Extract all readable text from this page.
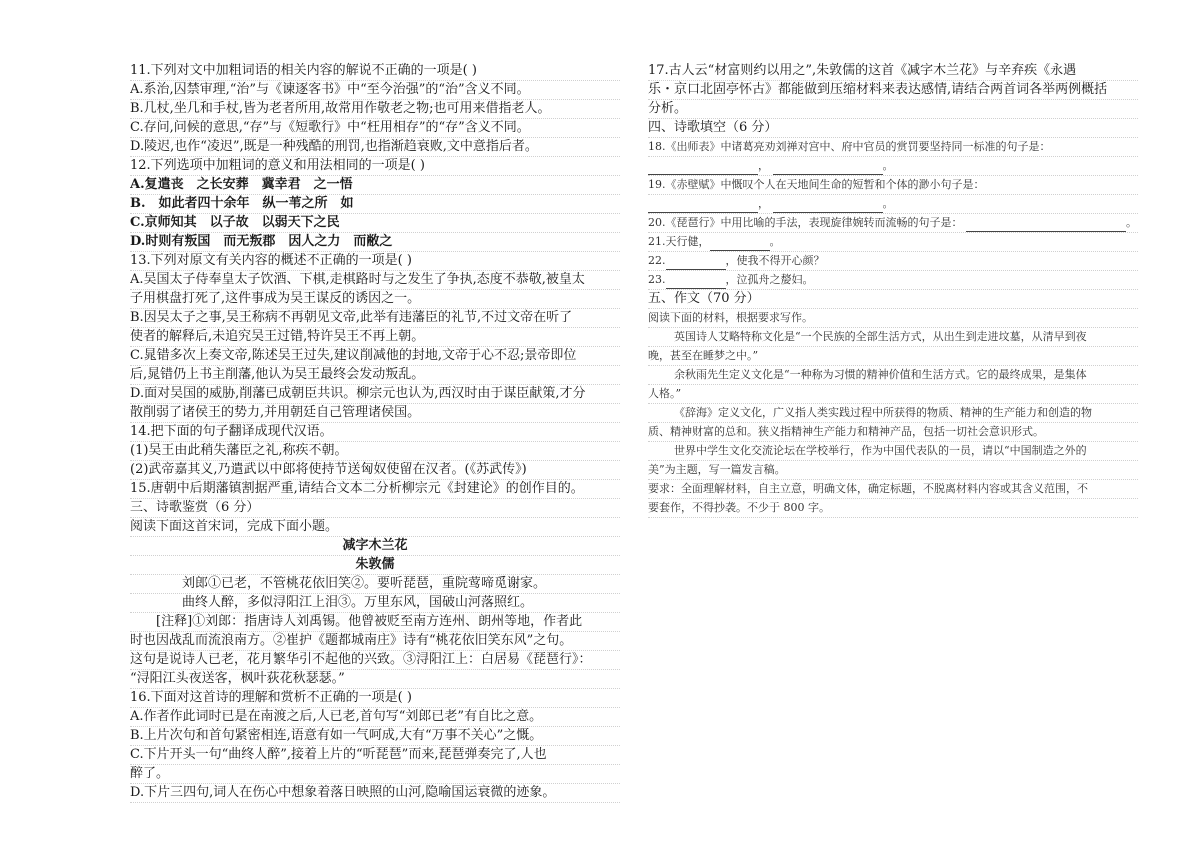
11.下列对文中加粗词语的相关内容的解说不正确的一项是( )
A.系治,囚禁审理,“治”与《谏逐客书》中“至今治强”的“治”含义不同。
B.几杖,坐几和手杖,皆为老者所用,故常用作敬老之物;也可用来借指老人。
C.存问,问候的意思,“存”与《短歌行》中“枉用相存”的“存”含义不同。
D.陵迟,也作“凌迟”,既是一种残酷的刑罚,也指渐趋衰败,文中意指后者。
12.下列选项中加粗词的意义和用法相同的一项是( )
A.复遣丧　之长安葬　冀幸君　之一悟
B.　如此者四十余年　纵一苇之所　如
C.京师知其　以子故　以弱天下之民
D.时则有叛国　而无叛郡　因人之力　而敝之
13.下列对原文有关内容的概述不正确的一项是( )
A.吴国太子侍奉皇太子饮酒、下棋,走棋路时与之发生了争执,态度不恭敬,被皇太
子用棋盘打死了,这件事成为吴王谋反的诱因之一。
B.因吴太子之事,吴王称病不再朝见文帝,此举有违藩臣的礼节,不过文帝在听了
使者的解释后,未追究吴王过错,特许吴王不再上朝。
C.晁错多次上奏文帝,陈述吴王过失,建议削减他的封地,文帝于心不忍;景帝即位
后,晁错仍上书主削藩,他认为吴王最终会发动叛乱。
D.面对吴国的威胁,削藩已成朝臣共识。柳宗元也认为,西汉时由于谋臣献策,才分
散削弱了诸侯王的势力,并用朝廷自己管理诸侯国。
14.把下面的句子翻译成现代汉语。
(1)吴王由此稍失藩臣之礼,称疾不朝。
(2)武帝嘉其义,乃遣武以中郎将使持节送匈奴使留在汉者。(《苏武传》)
15.唐朝中后期藩镇割据严重,请结合文本二分析柳宗元《封建论》的创作目的。
三、诗歌鉴赏（6 分）
阅读下面这首宋词，完成下面小题。
减字木兰花
朱敦儒
刘郎①已老，不管桃花依旧笑②。要听琵琶，重院莺啼觅谢家。
曲终人醉，多似浔阳江上泪③。万里东风，国破山河落照红。
[注释]①刘郎：指唐诗人刘禹锡。他曾被贬至南方连州、朗州等地，作者此
时也因战乱而流浪南方。②崔护《题都城南庄》诗有“桃花依旧笑东风”之句。
这句是说诗人已老，花月繁华引不起他的兴致。③浔阳江上：白居易《琵琶行》：
“浔阳江头夜送客，枫叶荻花秋瑟瑟。”
16.下面对这首诗的理解和赏析不正确的一项是( )
A.作者作此词时已是在南渡之后,人已老,首句写“刘郎已老”有自比之意。
B.上片次句和首句紧密相连,语意有如一气呵成,大有“万事不关心”之慨。
C.下片开头一句“曲终人醉”,接着上片的“听琵琶”而来,琵琶弹奏完了,人也
醉了。
D.下片三四句,词人在伤心中想象着落日映照的山河,隐喻国运衰微的迹象。
17.古人云“材富则约以用之”,朱敦儒的这首《减字木兰花》与辛弃疾《永遇
乐・京口北固亭怀古》都能做到压缩材料来表达感情,请结合两首词各举两例概括
分析。
四、诗歌填空（6 分）
18.《出师表》中诸葛亮劝刘禅对宫中、府中官员的赏罚要坚持同一标准的句子是：
，	。
19.《赤壁赋》中慨叹个人在天地间生命的短暂和个体的渺小句子是：
，	。
20.《琵琶行》中用比喻的手法，表现旋律婉转而流畅的句子是：	。
21.天行健，	。
22.	，使我不得开心颜？
23.	，泣孤舟之嫠妇。
五、作文（70 分）
阅读下面的材料，根据要求写作。
英国诗人艾略特称文化是“一个民族的全部生活方式，从出生到走进坟墓，从清早到夜
晚，甚至在睡梦之中。”
余秋雨先生定义文化是“一种称为习惯的精神价值和生活方式。它的最终成果，是集体
人格。”
《辞海》定义文化，广义指人类实践过程中所获得的物质、精神的生产能力和创造的物
质、精神财富的总和。狭义指精神生产能力和精神产品，包括一切社会意识形式。
世界中学生文化交流论坛在学校举行，作为中国代表队的一员，请以“中国制造之外的
美”为主题，写一篇发言稿。
要求：全面理解材料，自主立意，明确文体，确定标题，不脱离材料内容或其含义范围，不
要套作，不得抄袭。不少于 800 字。
